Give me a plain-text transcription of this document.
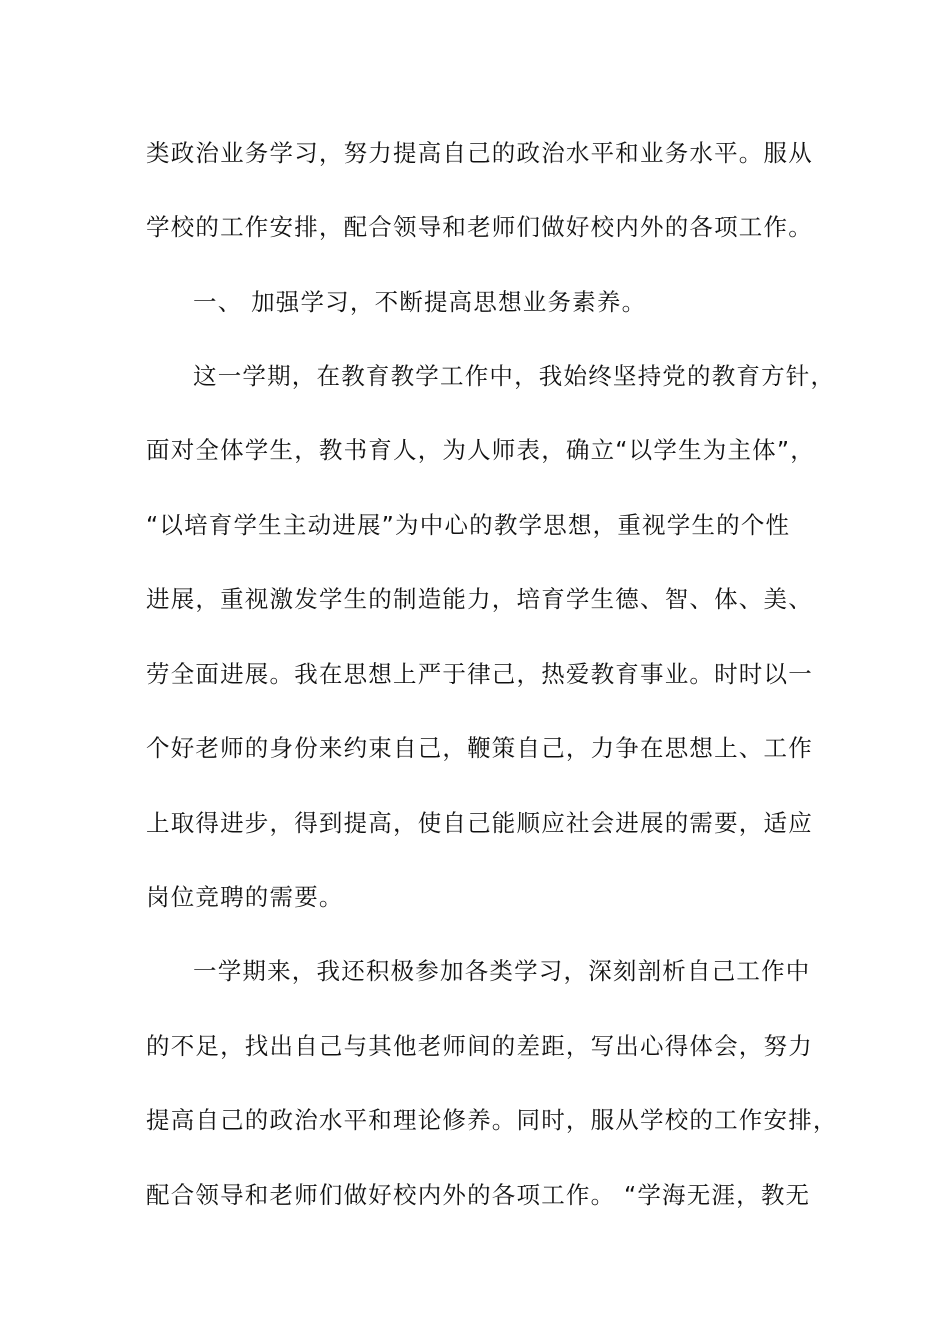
类政治业务学习，努力提高自己的政治水平和业务水平。服从
学校的工作安排，配合领导和老师们做好校内外的各项工作。
一、 加强学习，不断提高思想业务素养。
这一学期，在教育教学工作中，我始终坚持党的教育方针，
面对全体学生，教书育人，为人师表，确立“以学生为主体”，
“以培育学生主动进展”为中心的教学思想，重视学生的个性
进展，重视激发学生的制造能力，培育学生德、智、体、美、
劳全面进展。我在思想上严于律己，热爱教育事业。时时以一
个好老师的身份来约束自己，鞭策自己，力争在思想上、工作
上取得进步，得到提高，使自己能顺应社会进展的需要，适应
岗位竞聘的需要。
一学期来，我还积极参加各类学习，深刻剖析自己工作中
的不足，找出自己与其他老师间的差距，写出心得体会，努力
提高自己的政治水平和理论修养。同时，服从学校的工作安排，
配合领导和老师们做好校内外的各项工作。 “学海无涯，教无
